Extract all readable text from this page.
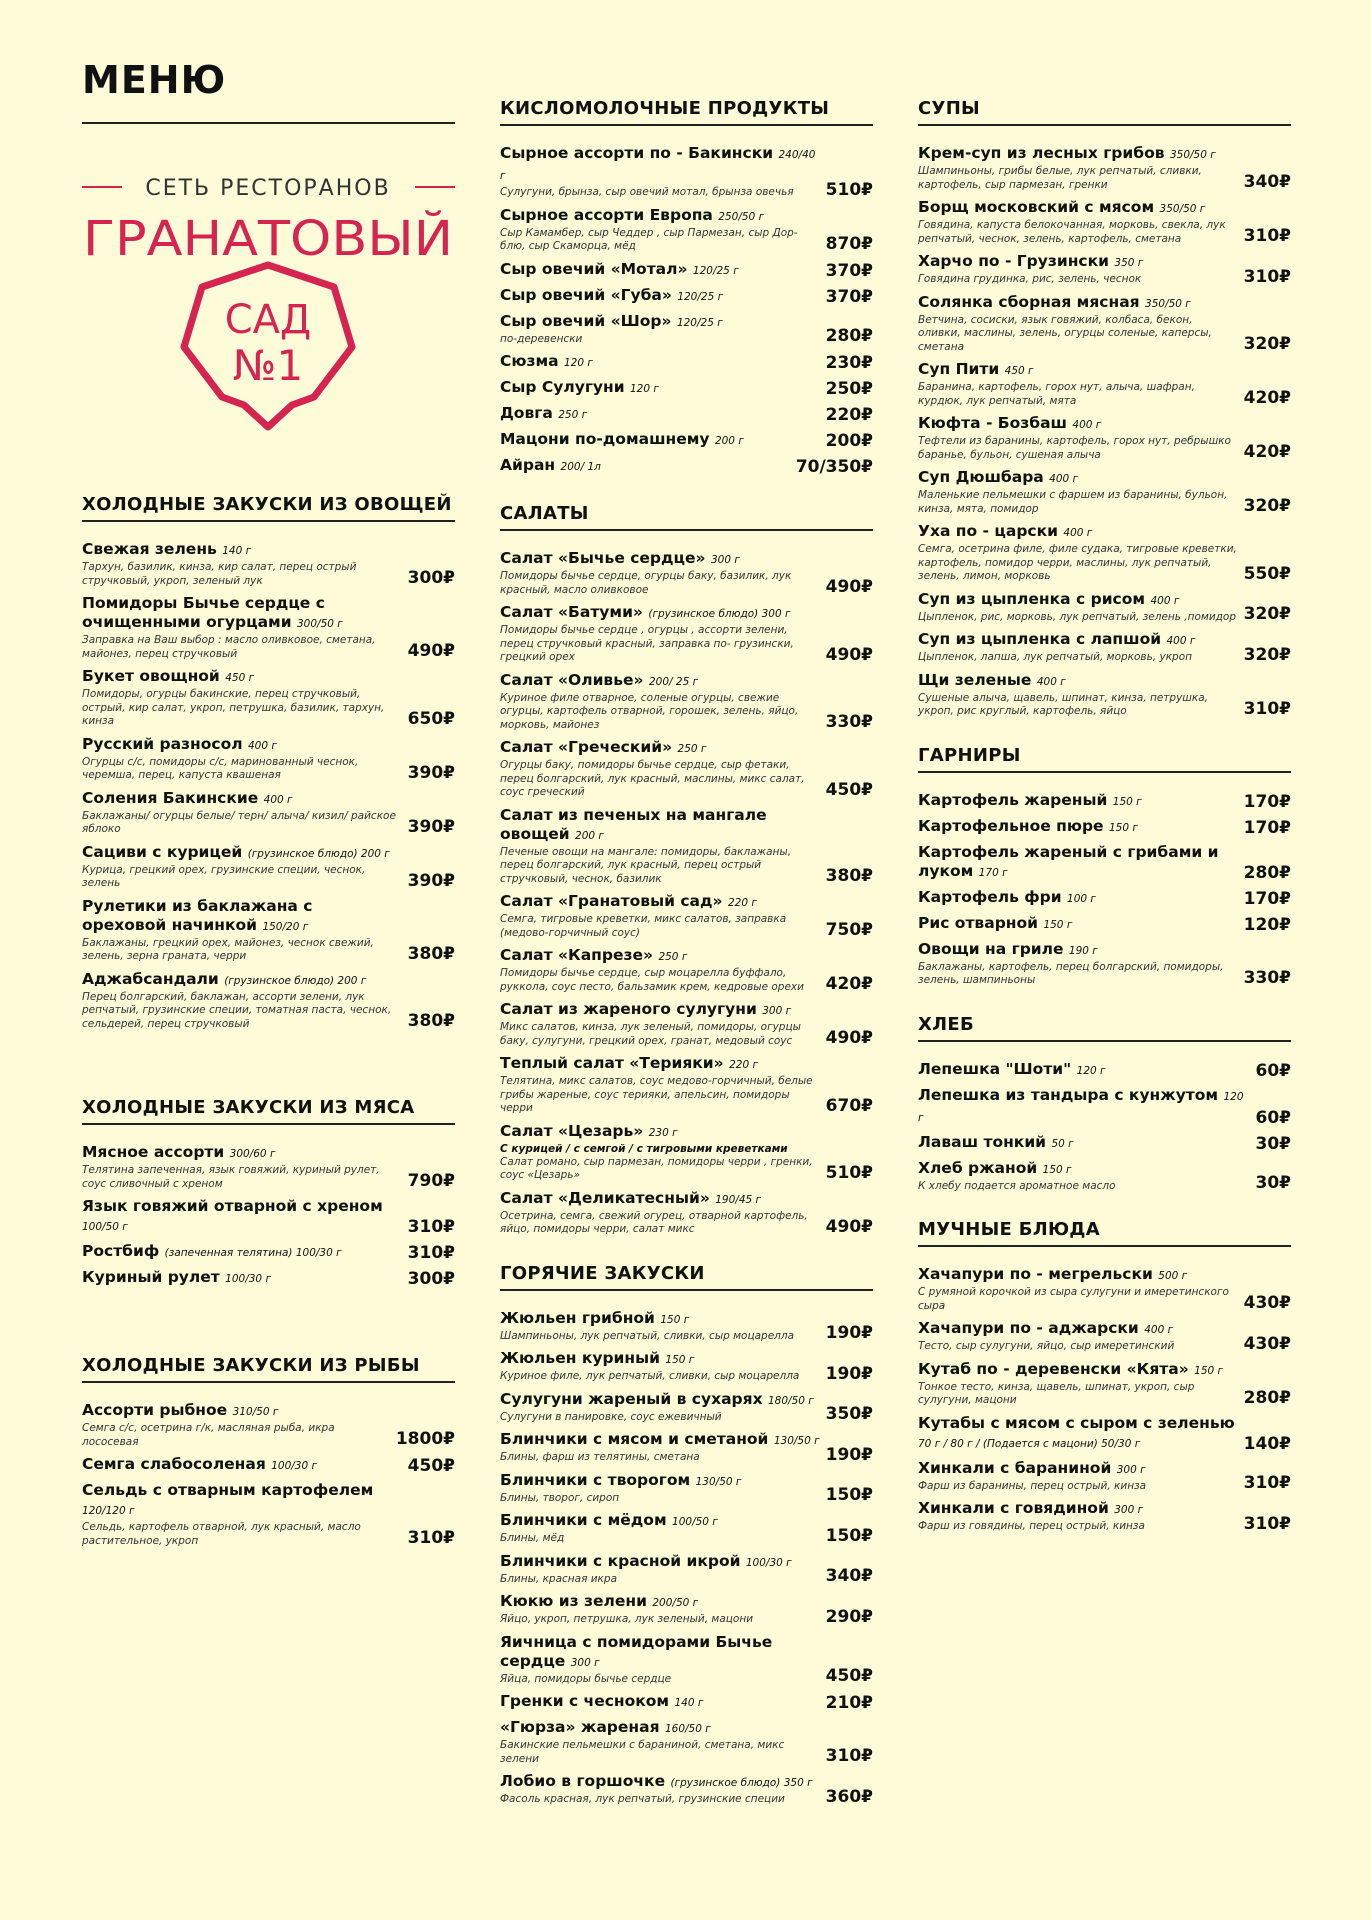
МЕНЮ
СЕТЬ РЕСТОРАНОВ
ГРАНАТОВЫЙ
САД
№1
ХОЛОДНЫЕ ЗАКУСКИ ИЗ ОВОЩЕЙ
Свежая зелень 140 г
Тархун, базилик, кинза, кир салат, перец острый стручковый, укроп, зеленый лук	300₽
Помидоры Бычье сердце с очищенными огурцами 300/50 г
Заправка на Ваш выбор : масло оливковое, сметана, майонез, перец стручковый	490₽
Букет овощной 450 г
Помидоры, огурцы бакинские, перец стручковый, острый, кир салат, укроп, петрушка, базилик, тархун, кинза	650₽
Русский разносол 400 г
Огурцы с/с, помидоры с/с, маринованный чеснок, черемша, перец, капуста квашеная	390₽
Соления Бакинские 400 г
Баклажаны/ огурцы белые/ терн/ алыча/ кизил/ райское яблоко	390₽
Сациви с курицей (грузинское блюдо) 200 г
Курица, грецкий орех, грузинские специи, чеснок, зелень	390₽
Рулетики из баклажана с ореховой начинкой 150/20 г
Баклажаны, грецкий орех, майонез, чеснок свежий, зелень, зерна граната, черри	380₽
Аджабсандали (грузинское блюдо) 200 г
Перец болгарский, баклажан, ассорти зелени, лук репчатый, грузинские специи, томатная паста, чеснок, сельдерей, перец стручковый	380₽
ХОЛОДНЫЕ ЗАКУСКИ ИЗ МЯСА
Мясное ассорти 300/60 г
Телятина запеченная, язык говяжий, куриный рулет, соус сливочный с хреном	790₽
Язык говяжий отварной с хреном 100/50 г	310₽
Ростбиф (запеченная телятина) 100/30 г	310₽
Куриный рулет 100/30 г	300₽
ХОЛОДНЫЕ ЗАКУСКИ ИЗ РЫБЫ
Ассорти рыбное 310/50 г
Семга с/с, осетрина г/к, масляная рыба, икра лососевая	1800₽
Семга слабосоленая 100/30 г	450₽
Сельдь с отварным картофелем 120/120 г
Сельдь, картофель отварной, лук красный, масло растительное, укроп	310₽
КИСЛОМОЛОЧНЫЕ ПРОДУКТЫ
Сырное ассорти по - Бакински 240/40 г
Сулугуни, брынза, сыр овечий мотал, брынза овечья	510₽
Сырное ассорти Европа 250/50 г
Сыр Камамбер, сыр Чеддер , сыр Пармезан, сыр Дор-блю, сыр Скаморца, мёд	870₽
Сыр овечий «Мотал» 120/25 г	370₽
Сыр овечий «Губа» 120/25 г	370₽
Сыр овечий «Шор» 120/25 г
по-деревенски	280₽
Сюзма 120 г	230₽
Сыр Сулугуни 120 г	250₽
Довга 250 г	220₽
Мацони по-домашнему 200 г	200₽
Айран 200/ 1л	70/350₽
САЛАТЫ
Салат «Бычье сердце» 300 г
Помидоры бычье сердце, огурцы баку, базилик, лук красный, масло оливковое	490₽
Салат «Батуми» (грузинское блюдо) 300 г
Помидоры бычье сердце , огурцы , ассорти зелени, перец стручковый красный, заправка по- грузински, грецкий орех	490₽
Салат «Оливье» 200/ 25 г
Куриное филе отварное, соленые огурцы, свежие огурцы, картофель отварной, горошек, зелень, яйцо, морковь, майонез	330₽
Салат «Греческий» 250 г
Огурцы баку, помидоры бычье сердце, сыр фетаки, перец болгарский, лук красный, маслины, микс салат, соус греческий	450₽
Салат из печеных на мангале овощей 200 г
Печеные овощи на мангале: помидоры, баклажаны, перец болгарский, лук красный, перец острый стручковый, чеснок, базилик	380₽
Салат «Гранатовый сад» 220 г
Семга, тигровые креветки, микс салатов, заправка (медово-горчичный соус)	750₽
Салат «Капрезе» 250 г
Помидоры бычье сердце, сыр моцарелла буффало, руккола, соус песто, бальзамик крем, кедровые орехи	420₽
Салат из жареного сулугуни 300 г
Микс салатов, кинза, лук зеленый, помидоры, огурцы баку, сулугуни, грецкий орех, гранат, медовый соус	490₽
Теплый салат «Терияки» 220 г
Телятина, микс салатов, соус медово-горчичный, белые грибы жареные, соус терияки, апельсин, помидоры черри	670₽
Салат «Цезарь» 230 г
С курицей / с семгой / с тигровыми креветками
Салат романо, сыр пармезан, помидоры черри , гренки, соус «Цезарь»	510₽
Салат «Деликатесный» 190/45 г
Осетрина, семга, свежий огурец, отварной картофель, яйцо, помидоры черри, салат микс	490₽
ГОРЯЧИЕ ЗАКУСКИ
Жюльен грибной 150 г
Шампиньоны, лук репчатый, сливки, сыр моцарелла	190₽
Жюльен куриный 150 г
Куриное филе, лук репчатый, сливки, сыр моцарелла	190₽
Сулугуни жареный в сухарях 180/50 г
Сулугуни в панировке, соус ежевичный	350₽
Блинчики с мясом и сметаной 130/50 г
Блины, фарш из телятины, сметана	190₽
Блинчики с творогом 130/50 г
Блины, творог, сироп	150₽
Блинчики с мёдом 100/50 г
Блины, мёд	150₽
Блинчики с красной икрой 100/30 г
Блины, красная икра	340₽
Кюкю из зелени 200/50 г
Яйцо, укроп, петрушка, лук зеленый, мацони	290₽
Яичница с помидорами Бычье сердце 300 г
Яйца, помидоры бычье сердце	450₽
Гренки с чесноком 140 г	210₽
«Гюрза» жареная 160/50 г
Бакинские пельмешки с бараниной, сметана, микс зелени	310₽
Лобио в горшочке (грузинское блюдо) 350 г
Фасоль красная, лук репчатый, грузинские специи	360₽
СУПЫ
Крем-суп из лесных грибов 350/50 г
Шампиньоны, грибы белые, лук репчатый, сливки, картофель, сыр пармезан, гренки	340₽
Борщ московский с мясом 350/50 г
Говядина, капуста белокочанная, морковь, свекла, лук репчатый, чеснок, зелень, картофель, сметана	310₽
Харчо по - Грузински 350 г
Говядина грудинка, рис, зелень, чеснок	310₽
Солянка сборная мясная 350/50 г
Ветчина, сосиски, язык говяжий, колбаса, бекон, оливки, маслины, зелень, огурцы соленые, каперсы, сметана	320₽
Суп Пити 450 г
Баранина, картофель, горох нут, алыча, шафран, курдюк, лук репчатый, мята	420₽
Кюфта - Бозбаш 400 г
Тефтели из баранины, картофель, горох нут, ребрышко баранье, бульон, сушеная алыча	420₽
Суп Дюшбара 400 г
Маленькие пельмешки с фаршем из баранины, бульон, кинза, мята, помидор	320₽
Уха по - царски 400 г
Семга, осетрина филе, филе судака, тигровые креветки, картофель, помидор черри, маслины, лук репчатый, зелень, лимон, морковь	550₽
Суп из цыпленка с рисом 400 г
Цыпленок, рис, морковь, лук репчатый, зелень ,помидор 320₽
Суп из цыпленка с лапшой 400 г
Цыпленок, лапша, лук репчатый, морковь, укроп	320₽
Щи зеленые 400 г
Сушеные алыча, щавель, шпинат, кинза, петрушка, укроп, рис круглый, картофель, яйцо	310₽
ГАРНИРЫ
Картофель жареный 150 г	170₽
Картофельное пюре 150 г	170₽
Картофель жареный с грибами и луком 170 г	280₽
Картофель фри 100 г	170₽
Рис отварной 150 г	120₽
Овощи на гриле 190 г
Баклажаны, картофель, перец болгарский, помидоры, зелень, шампиньоны	330₽
ХЛЕБ
Лепешка "Шоти" 120 г	60₽
Лепешка из тандыра с кунжутом 120 г	60₽
Лаваш тонкий 50 г	30₽
Хлеб ржаной 150 г
К хлебу подается ароматное масло	30₽
МУЧНЫЕ БЛЮДА
Хачапури по - мегрельски 500 г
С румяной корочкой из сыра сулугуни и имеретинского сыра	430₽
Хачапури по - аджарски 400 г
Тесто, сыр сулугуни, яйцо, сыр имеретинский	430₽
Кутаб по - деревенски «Кята» 150 г
Тонкое тесто, кинза, щавель, шпинат, укроп, сыр сулугуни, мацони	280₽
Кутабы с мясом с сыром с зеленью 70 г / 80 г / (Подается с мацони) 50/30 г	140₽
Хинкали с бараниной 300 г
Фарш из баранины, перец острый, кинза	310₽
Хинкали с говядиной 300 г
Фарш из говядины, перец острый, кинза	310₽
